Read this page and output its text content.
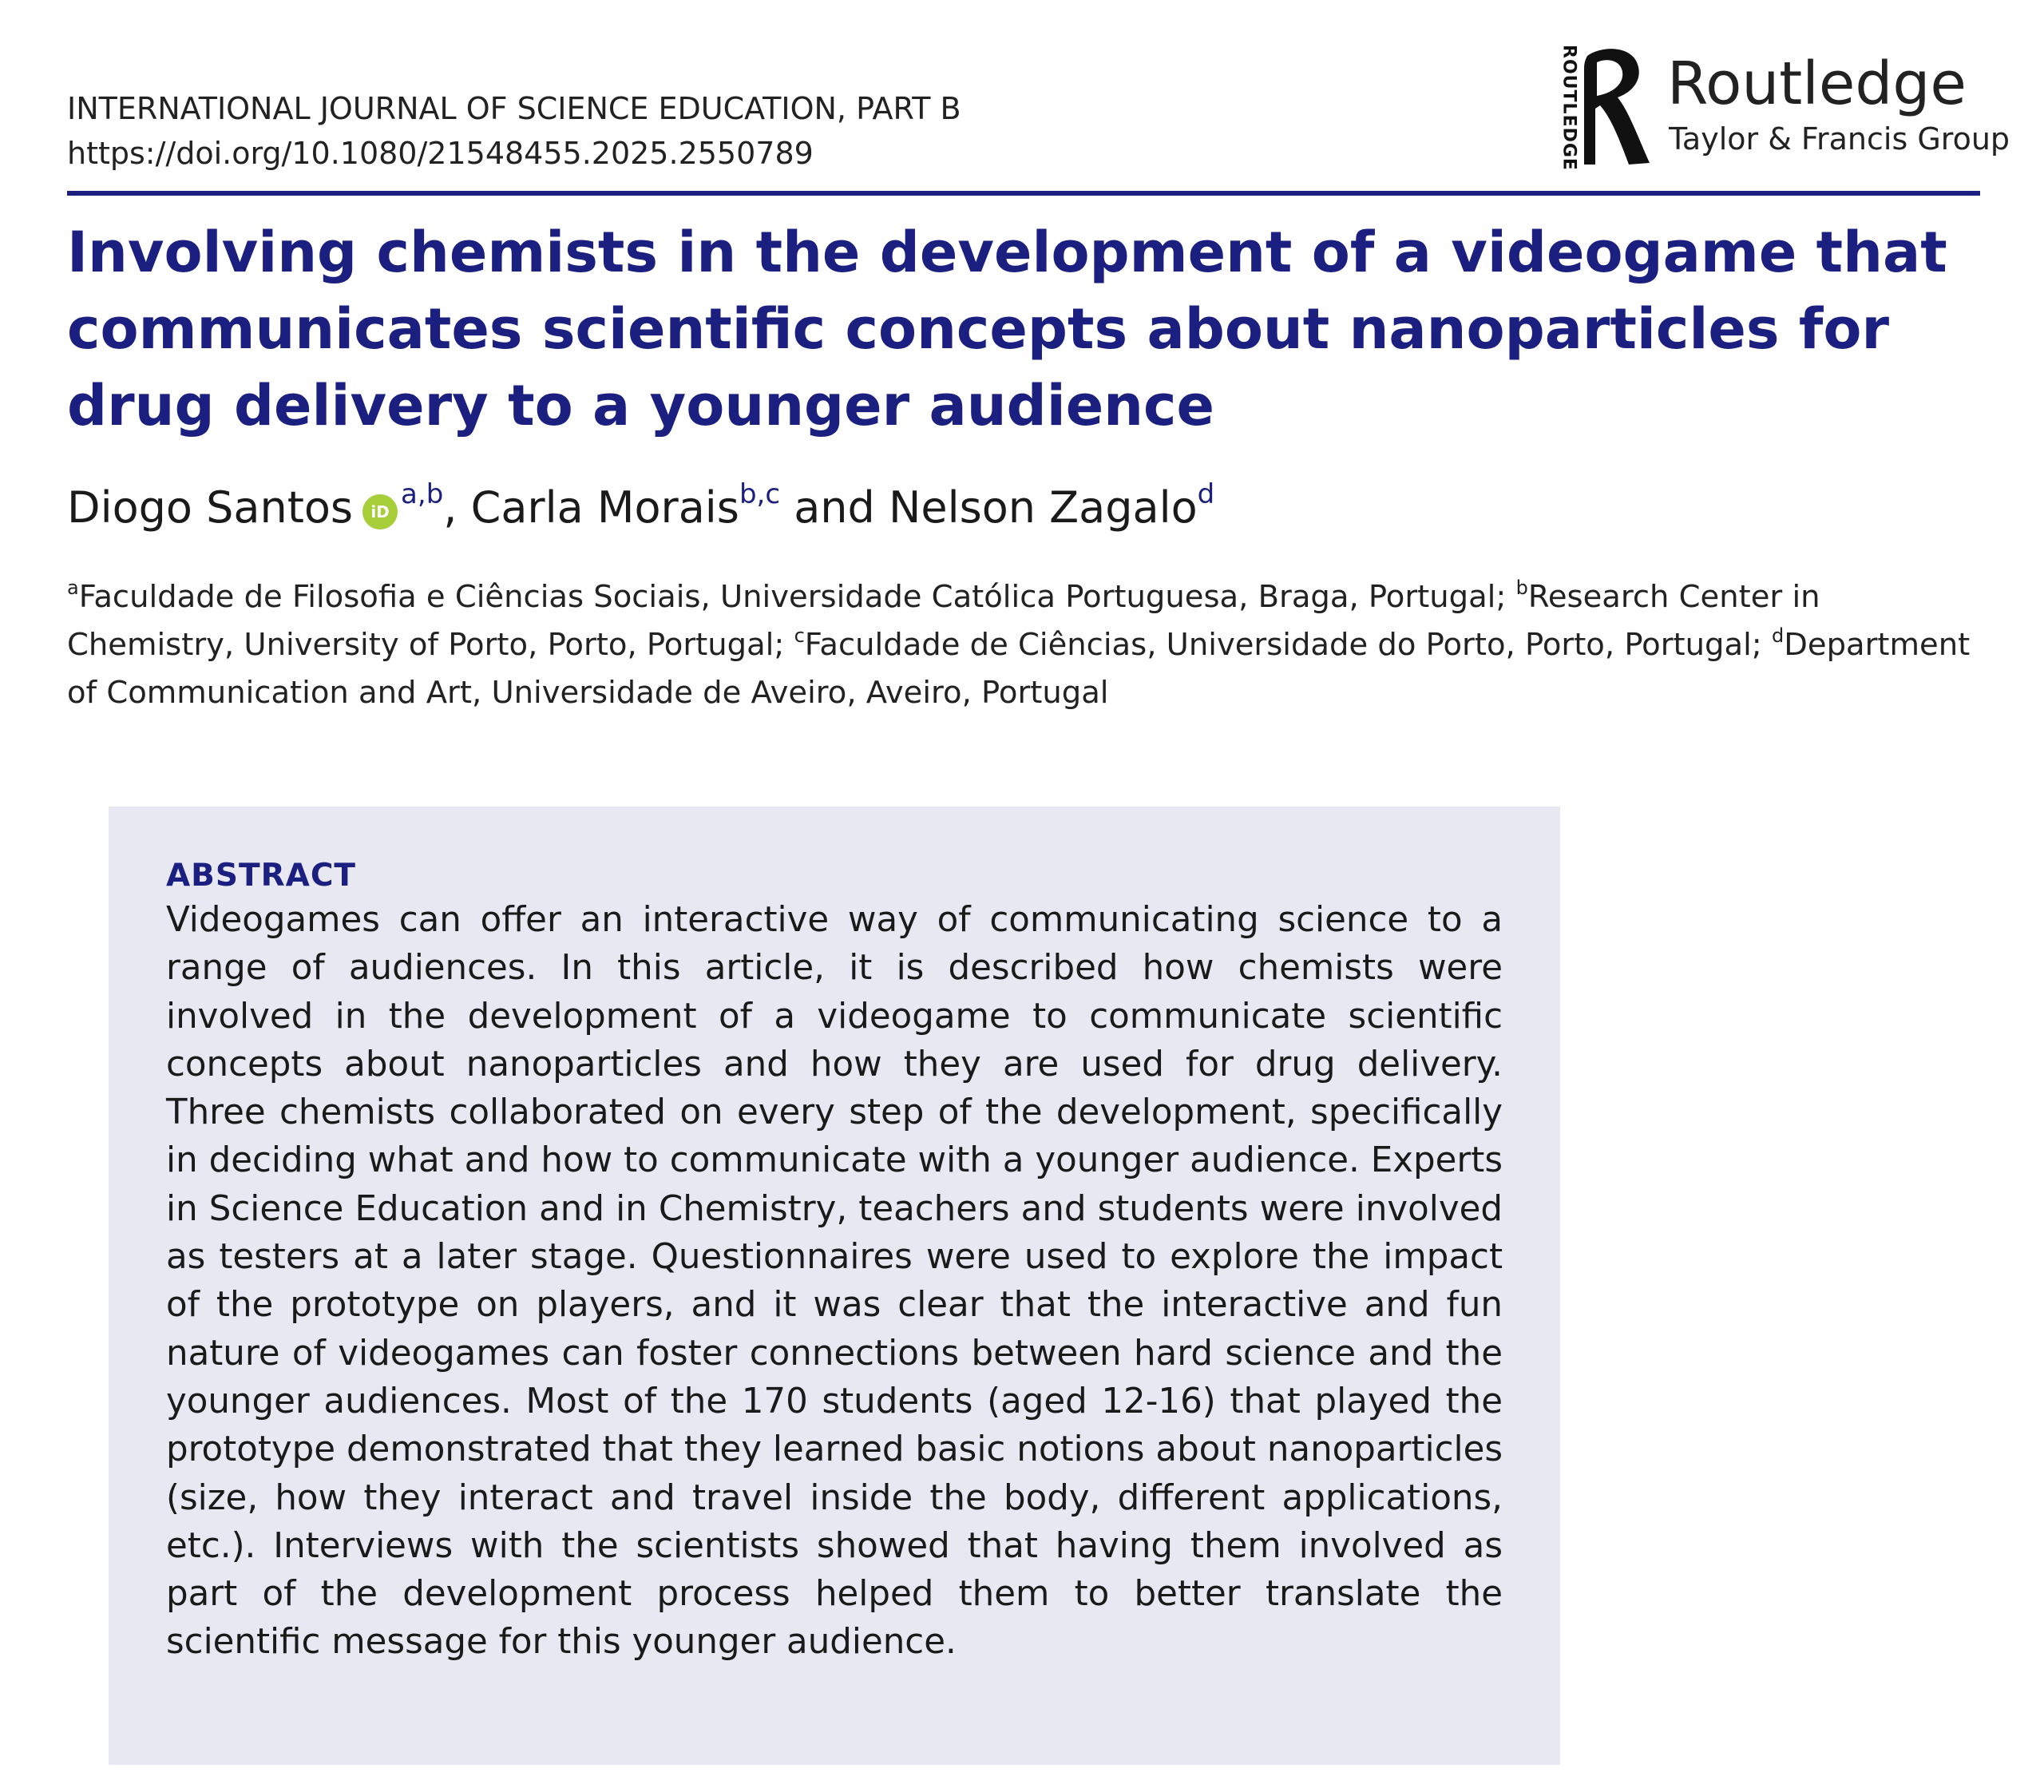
INTERNATIONAL JOURNAL OF SCIENCE EDUCATION, PART B
https://doi.org/10.1080/21548455.2025.2550789	ROUTLEDGE Routledge
Taylor & Francis Group
Involving chemists in the development of a videogame that communicates scientific concepts about nanoparticles for drug delivery to a younger audience
Diogo Santos iD$^{a,b}$, Carla Morais$^{b,c}$ and Nelson Zagalo$^d$

$^a$Faculdade de Filosofia e Ciências Sociais, Universidade Católica Portuguesa, Braga, Portugal; $^b$Research Center in Chemistry, University of Porto, Porto, Portugal; $^c$Faculdade de Ciências, Universidade do Porto, Porto, Portugal; $^d$Department of Communication and Art, Universidade de Aveiro, Aveiro, Portugal

ABSTRACT

Videogames can offer an interactive way of communicating science to a range of audiences. In this article, it is described how chemists were involved in the development of a videogame to communicate scientific concepts about nanoparticles and how they are used for drug delivery. Three chemists collaborated on every step of the development, specifically in deciding what and how to communicate with a younger audience. Experts in Science Education and in Chemistry, teachers and students were involved as testers at a later stage. Questionnaires were used to explore the impact of the prototype on players, and it was clear that the interactive and fun nature of videogames can foster connections between hard science and the younger audiences. Most of the 170 students (aged 12-16) that played the prototype demonstrated that they learned basic notions about nanoparticles (size, how they interact and travel inside the body, different applications, etc.). Interviews with the scientists showed that having them involved as part of the development process helped them to better translate the scientific message for this younger audience.
